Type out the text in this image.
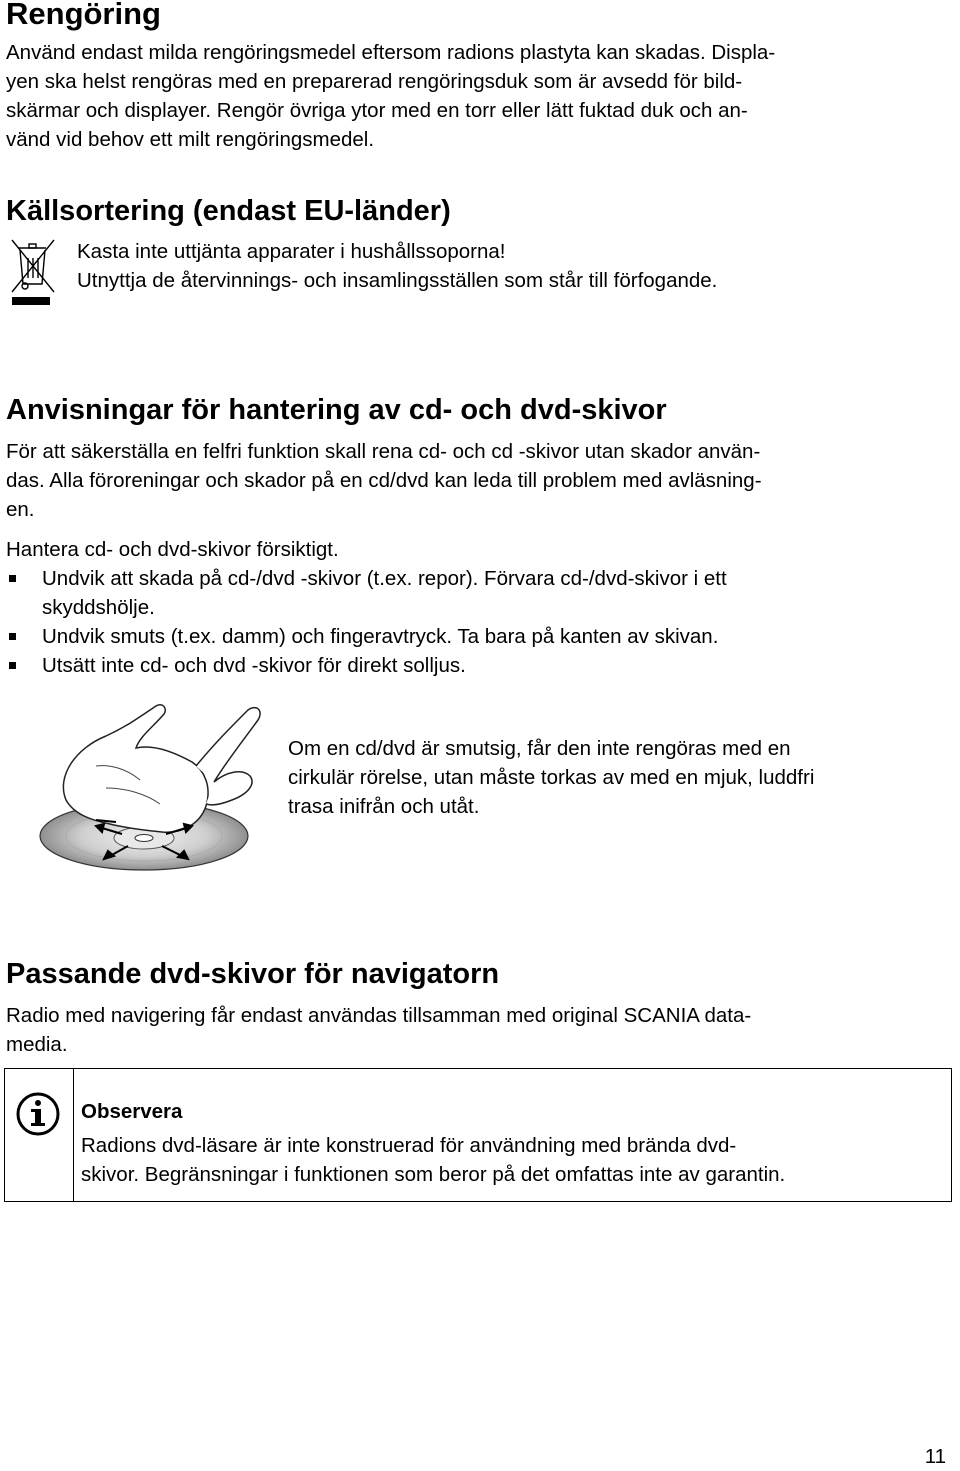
Rengöring

Använd endast milda rengöringsmedel eftersom radions plastyta kan skadas. Displa-
yen ska helst rengöras med en preparerad rengöringsduk som är avsedd för bild-
skärmar och displayer. Rengör övriga ytor med en torr eller lätt fuktad duk och an-
vänd vid behov ett milt rengöringsmedel.

Källsortering (endast EU-länder)
Kasta inte uttjänta apparater i hushållssoporna!
Utnyttja de återvinnings- och insamlingsställen som står till förfogande.
Anvisningar för hantering av cd- och dvd-skivor

För att säkerställa en felfri funktion skall rena cd- och cd -skivor utan skador använ-
das. Alla föroreningar och skador på en cd/dvd kan leda till problem med avläsning-
en.

Hantera cd- och dvd-skivor försiktigt.

Undvik att skada på cd-/dvd -skivor (t.ex. repor). Förvara cd-/dvd-skivor i ett
skyddshölje.
Undvik smuts (t.ex. damm) och fingeravtryck. Ta bara på kanten av skivan.
Utsätt inte cd- och dvd -skivor för direkt solljus.
Om en cd/dvd är smutsig, får den inte rengöras med en
cirkulär rörelse, utan måste torkas av med en mjuk, luddfri
trasa inifrån och utåt.
Passande dvd-skivor för navigatorn

Radio med navigering får endast användas tillsamman med original SCANIA data-
media.

Observera
Radions dvd-läsare är inte konstruerad för användning med brända dvd-
skivor. Begränsningar i funktionen som beror på det omfattas inte av garantin.
11
